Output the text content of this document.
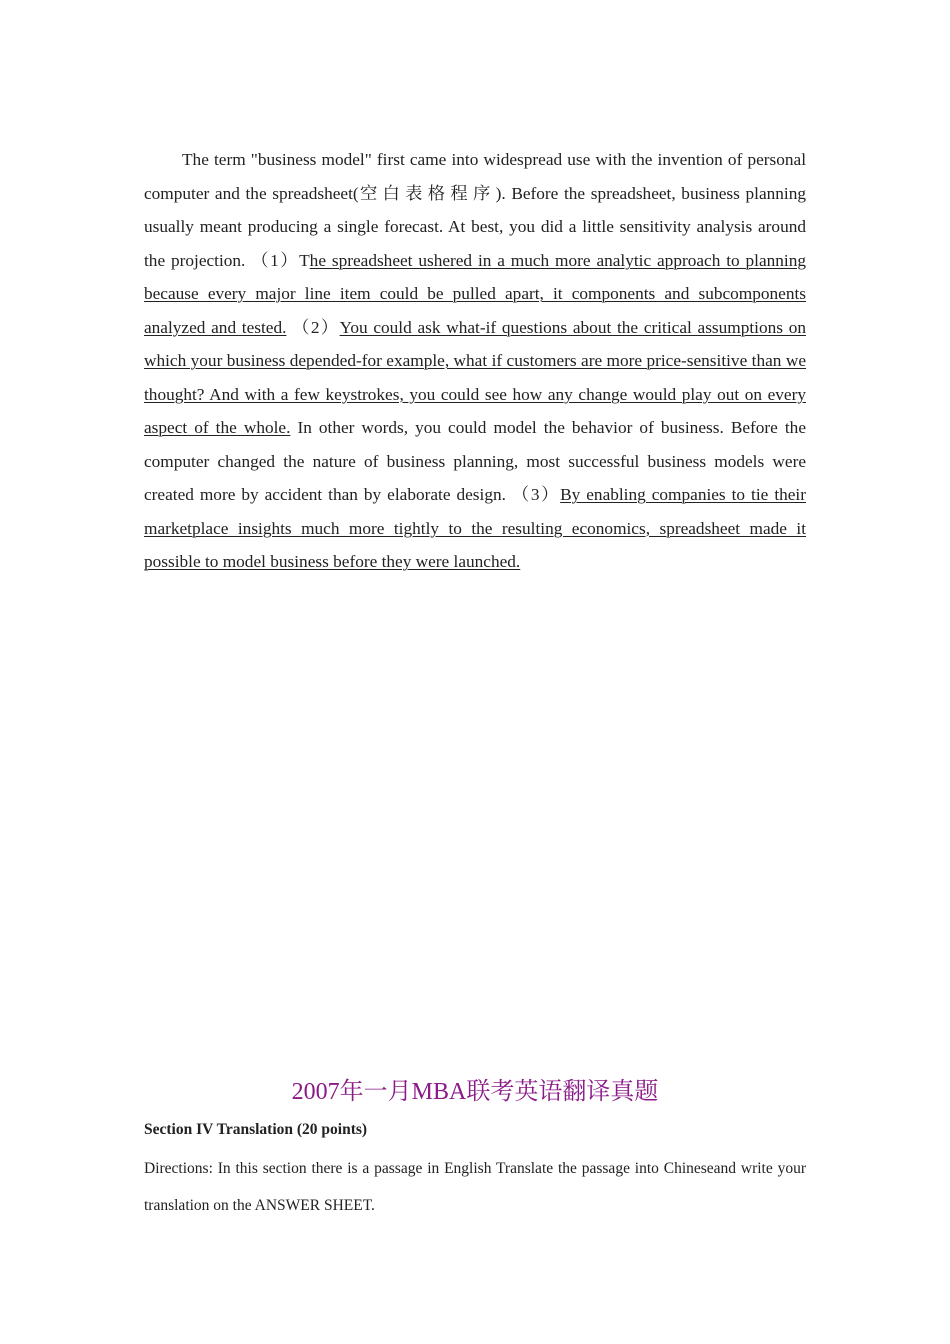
The term "business model" first came into widespread use with the invention of personal computer and the spreadsheet(空白表格程序). Before the spreadsheet, business planning usually meant producing a single forecast. At best, you did a little sensitivity analysis around the projection. （1）The spreadsheet ushered in a much more analytic approach to planning because every major line item could be pulled apart, it components and subcomponents analyzed and tested. （2）You could ask what-if questions about the critical assumptions on which your business depended-for example, what if customers are more price-sensitive than we thought? And with a few keystrokes, you could see how any change would play out on every aspect of the whole. In other words, you could model the behavior of business. Before the computer changed the nature of business planning, most successful business models were created more by accident than by elaborate design. （3）By enabling companies to tie their marketplace insights much more tightly to the resulting economics, spreadsheet made it possible to model business before they were launched.

2007年一月MBA联考英语翻译真题

Section IV Translation (20 points)

Directions: In this section there is a passage in English Translate the passage into Chineseand write your translation on the ANSWER SHEET.
